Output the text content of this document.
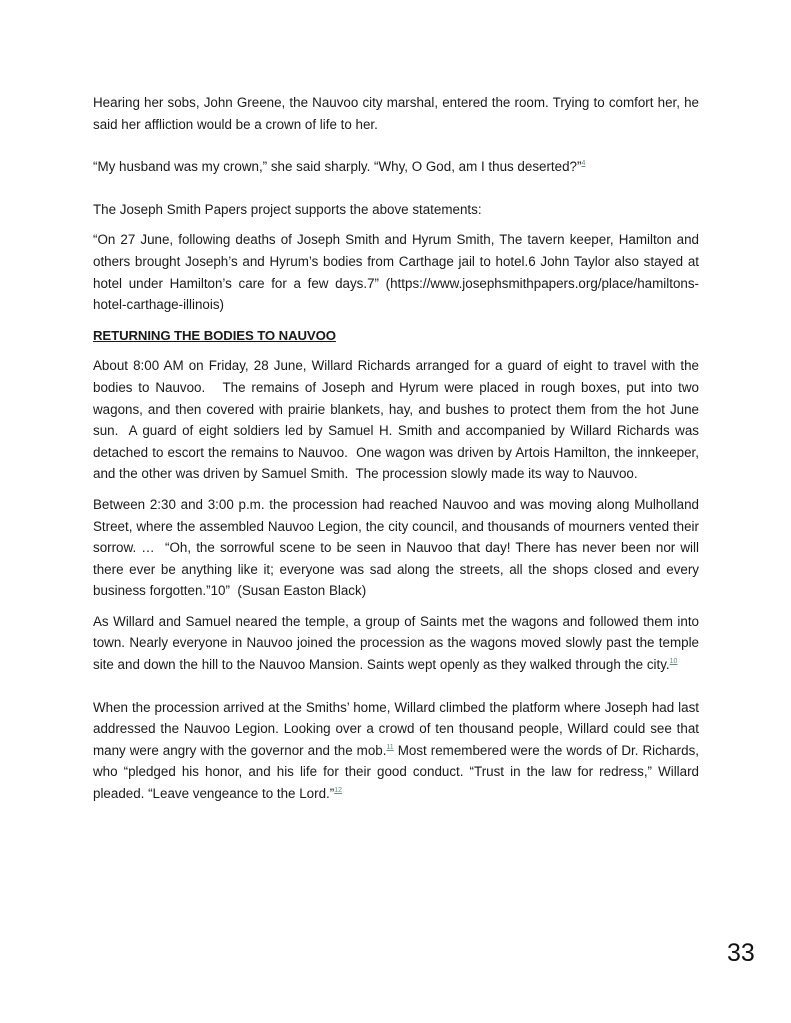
Hearing her sobs, John Greene, the Nauvoo city marshal, entered the room. Trying to comfort her, he said her affliction would be a crown of life to her.

“My husband was my crown,” she said sharply. “Why, O God, am I thus deserted?”$^4$

The Joseph Smith Papers project supports the above statements:

“On 27 June, following deaths of Joseph Smith and Hyrum Smith, The tavern keeper, Hamilton and others brought Joseph’s and Hyrum’s bodies from Carthage jail to hotel.6 John Taylor also stayed at hotel under Hamilton’s care for a few days.7” (https://www.josephsmithpapers.org/place/hamiltons-hotel-carthage-illinois)

RETURNING THE BODIES TO NAUVOO

About 8:00 AM on Friday, 28 June, Willard Richards arranged for a guard of eight to travel with the bodies to Nauvoo.   The remains of Joseph and Hyrum were placed in rough boxes, put into two wagons, and then covered with prairie blankets, hay, and bushes to protect them from the hot June sun.  A guard of eight soldiers led by Samuel H. Smith and accompanied by Willard Richards was detached to escort the remains to Nauvoo.  One wagon was driven by Artois Hamilton, the innkeeper, and the other was driven by Samuel Smith.  The procession slowly made its way to Nauvoo.

Between 2:30 and 3:00 p.m. the procession had reached Nauvoo and was moving along Mulholland Street, where the assembled Nauvoo Legion, the city council, and thousands of mourners vented their sorrow. …  “Oh, the sorrowful scene to be seen in Nauvoo that day! There has never been nor will there ever be anything like it; everyone was sad along the streets, all the shops closed and every business forgotten.”10”  (Susan Easton Black)

As Willard and Samuel neared the temple, a group of Saints met the wagons and followed them into town. Nearly everyone in Nauvoo joined the procession as the wagons moved slowly past the temple site and down the hill to the Nauvoo Mansion. Saints wept openly as they walked through the city.$^{10}$

When the procession arrived at the Smiths’ home, Willard climbed the platform where Joseph had last addressed the Nauvoo Legion. Looking over a crowd of ten thousand people, Willard could see that many were angry with the governor and the mob.$^{11}$ Most remembered were the words of Dr. Richards, who “pledged his honor, and his life for their good conduct. “Trust in the law for redress,” Willard pleaded. “Leave vengeance to the Lord.”$^{12}$

33
